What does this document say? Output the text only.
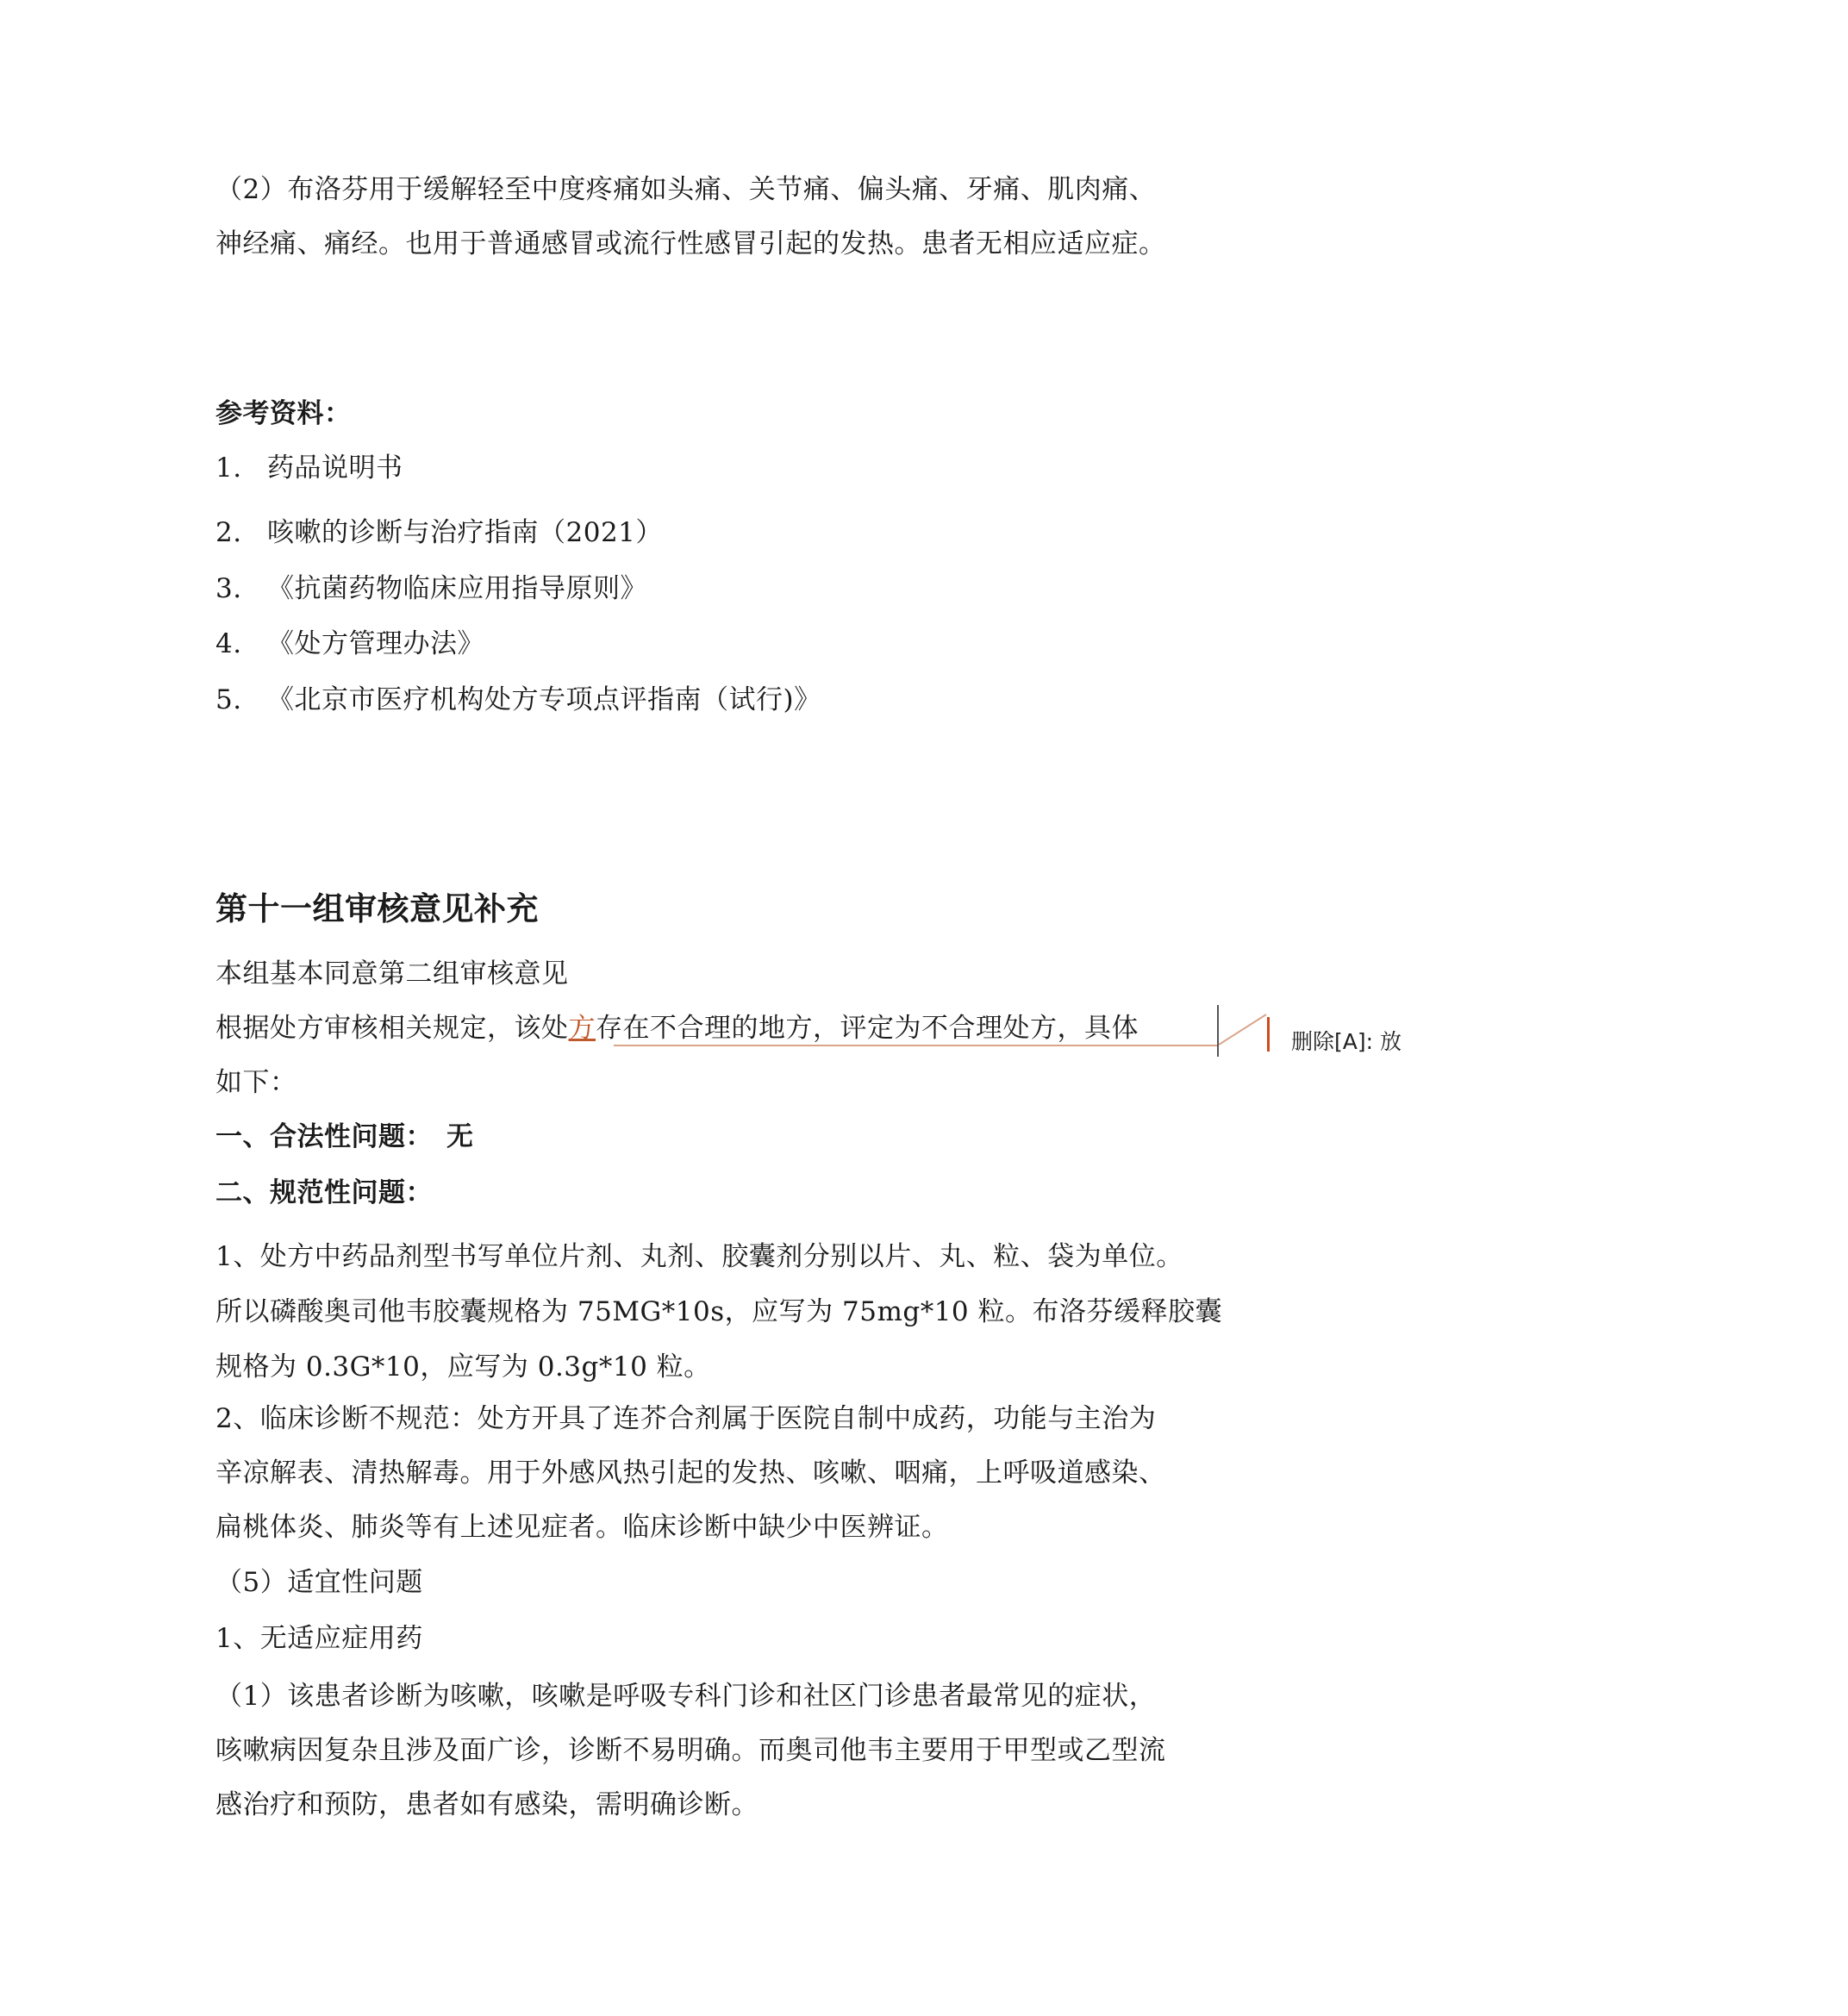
（2）布洛芬用于缓解轻至中度疼痛如头痛、关节痛、偏头痛、牙痛、肌肉痛、
神经痛、痛经。也用于普通感冒或流行性感冒引起的发热。患者无相应适应症。
参考资料：
1. 药品说明书
2. 咳嗽的诊断与治疗指南（2021）
3. 《抗菌药物临床应用指导原则》
4. 《处方管理办法》
5. 《北京市医疗机构处方专项点评指南（试行)》
第十一组审核意见补充
本组基本同意第二组审核意见
根据处方审核相关规定，该处方存在不合理的地方，评定为不合理处方，具体
如下：
删除[A]: 放
一、合法性问题：　无
二、规范性问题：
1、处方中药品剂型书写单位片剂、丸剂、胶囊剂分别以片、丸、粒、袋为单位。
所以磷酸奥司他韦胶囊规格为 75MG*10s，应写为 75mg*10 粒。布洛芬缓释胶囊
规格为 0.3G*10，应写为 0.3g*10 粒。
2、临床诊断不规范：处方开具了连芥合剂属于医院自制中成药，功能与主治为
辛凉解表、清热解毒。用于外感风热引起的发热、咳嗽、咽痛，上呼吸道感染、
扁桃体炎、肺炎等有上述见症者。临床诊断中缺少中医辨证。
（5）适宜性问题
1、无适应症用药
（1）该患者诊断为咳嗽，咳嗽是呼吸专科门诊和社区门诊患者最常见的症状，
咳嗽病因复杂且涉及面广诊，诊断不易明确。而奥司他韦主要用于甲型或乙型流
感治疗和预防，患者如有感染，需明确诊断。
